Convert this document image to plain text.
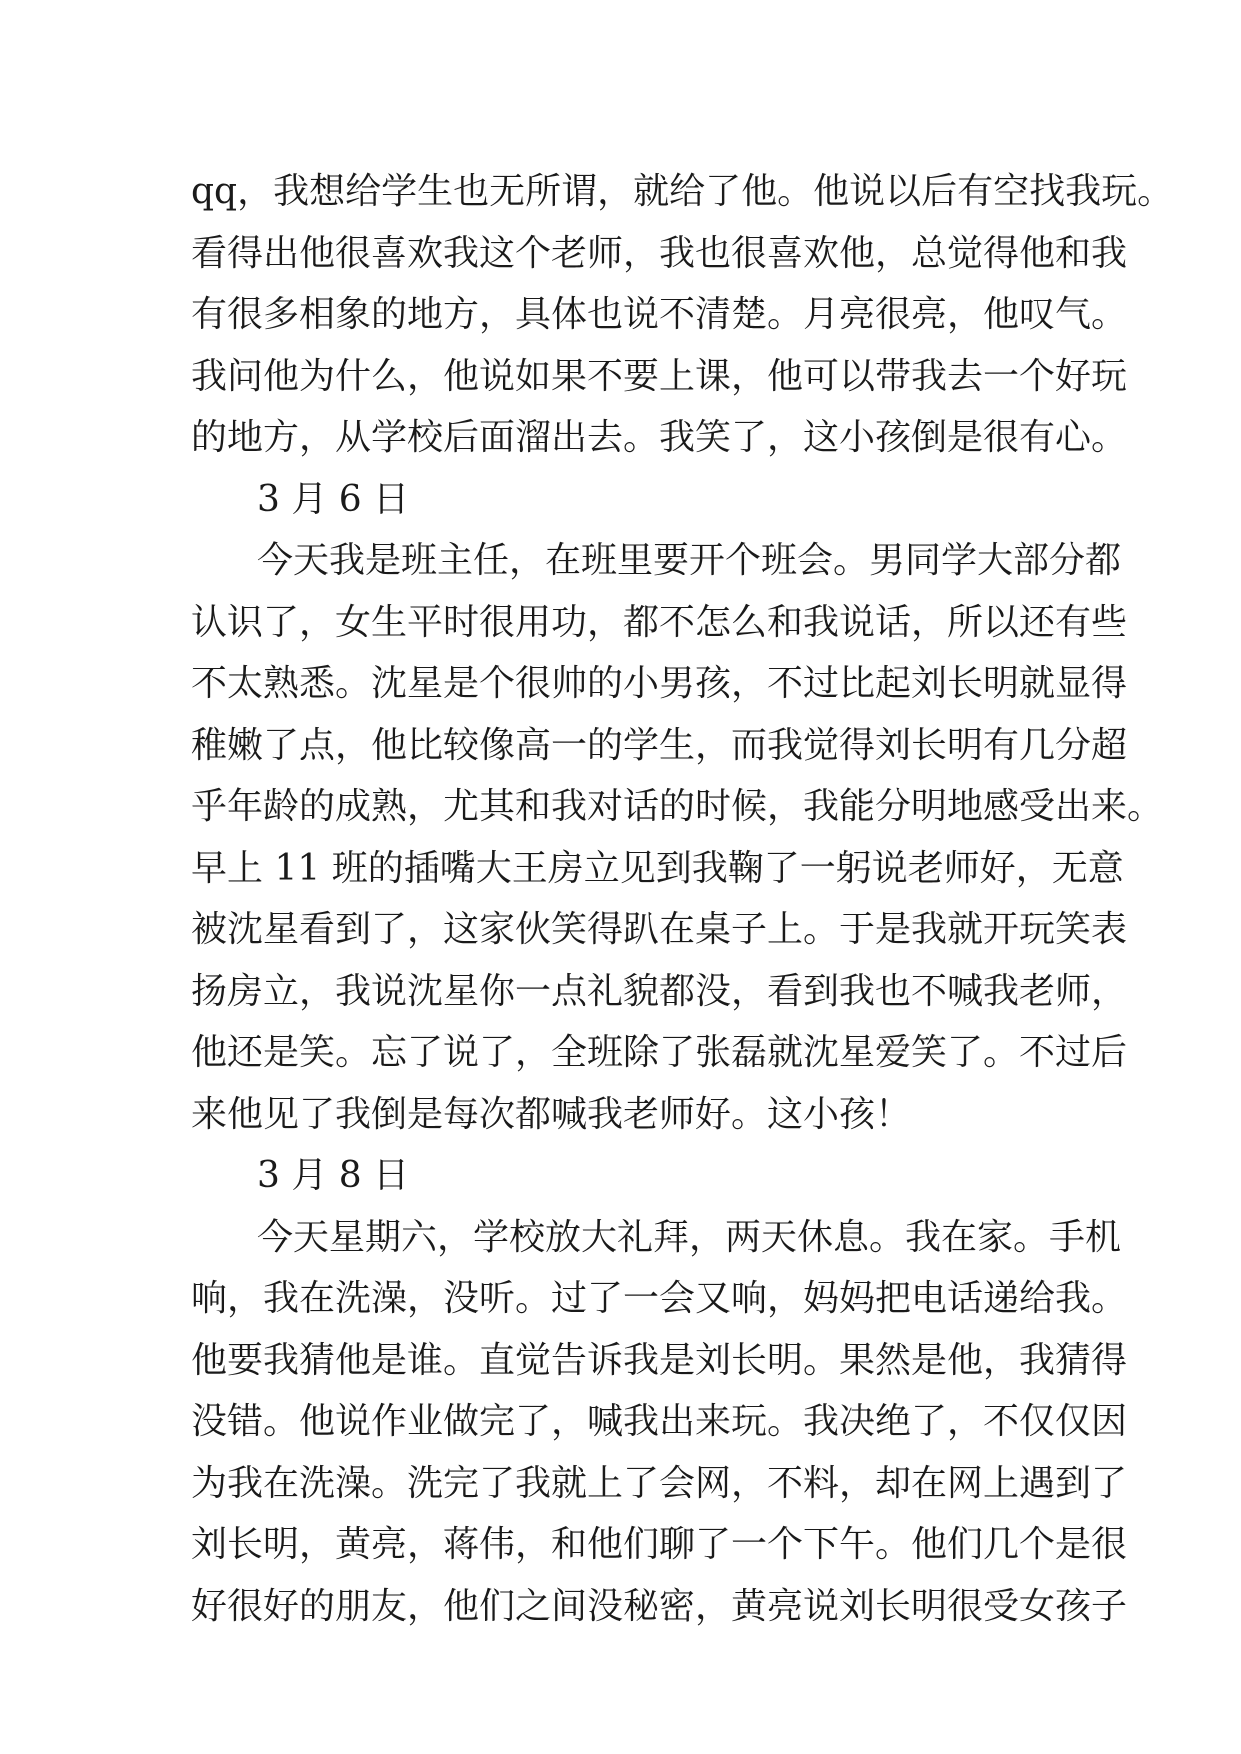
qq，我想给学生也无所谓，就给了他。他说以后有空找我玩。
看得出他很喜欢我这个老师，我也很喜欢他，总觉得他和我
有很多相象的地方，具体也说不清楚。月亮很亮，他叹气。
我问他为什么，他说如果不要上课，他可以带我去一个好玩
的地方，从学校后面溜出去。我笑了，这小孩倒是很有心。
3 月 6 日
今天我是班主任，在班里要开个班会。男同学大部分都
认识了，女生平时很用功，都不怎么和我说话，所以还有些
不太熟悉。沈星是个很帅的小男孩，不过比起刘长明就显得
稚嫩了点，他比较像高一的学生，而我觉得刘长明有几分超
乎年龄的成熟，尤其和我对话的时候，我能分明地感受出来。
早上 11 班的插嘴大王房立见到我鞠了一躬说老师好，无意
被沈星看到了，这家伙笑得趴在桌子上。于是我就开玩笑表
扬房立，我说沈星你一点礼貌都没，看到我也不喊我老师，
他还是笑。忘了说了，全班除了张磊就沈星爱笑了。不过后
来他见了我倒是每次都喊我老师好。这小孩！
3 月 8 日
今天星期六，学校放大礼拜，两天休息。我在家。手机
响，我在洗澡，没听。过了一会又响，妈妈把电话递给我。
他要我猜他是谁。直觉告诉我是刘长明。果然是他，我猜得
没错。他说作业做完了，喊我出来玩。我决绝了，不仅仅因
为我在洗澡。洗完了我就上了会网，不料，却在网上遇到了
刘长明，黄亮，蒋伟，和他们聊了一个下午。他们几个是很
好很好的朋友，他们之间没秘密，黄亮说刘长明很受女孩子
